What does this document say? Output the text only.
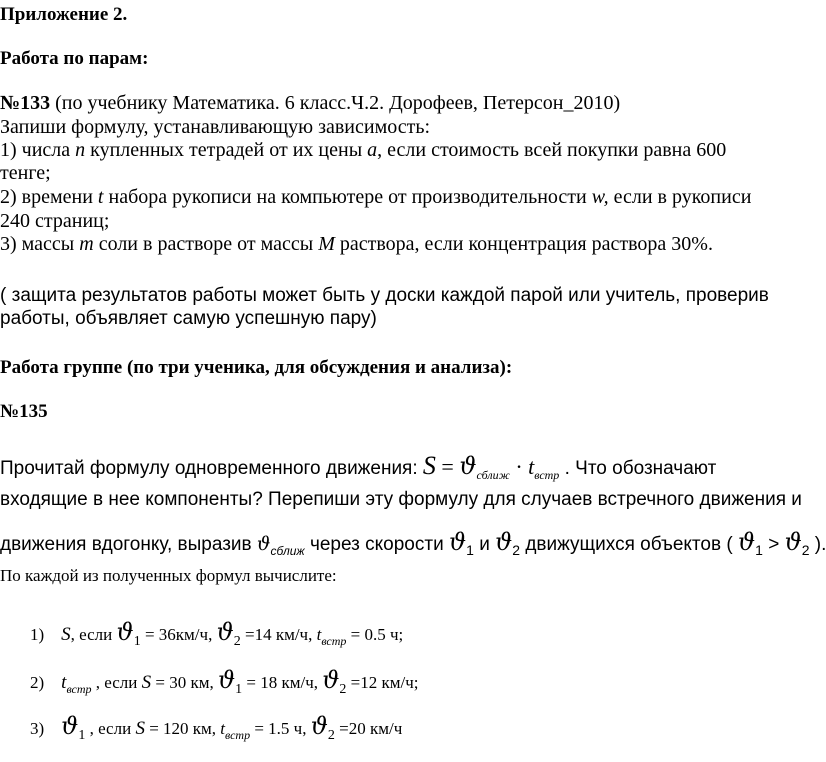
Приложение 2.
Работа по парам:
№133 (по учебнику Математика. 6 класс.Ч.2. Дорофеев, Петерсон_2010)
Запиши формулу, устанавливающую зависимость:
1) числа n купленных тетрадей от их цены a, если стоимость всей покупки равна 600
тенге;
2) времени t набора рукописи на компьютере от производительности w, если в рукописи
240 страниц;
3) массы m соли в растворе от массы M раствора, если концентрация раствора 30%.
( защита результатов работы может быть у доски каждой парой или учитель, проверив
работы, объявляет самую успешную пару)
Работа группе (по три ученика, для обсуждения и анализа):
№135
Прочитай формулу одновременного движения: $S = ϑ_{сближ} \cdot t_{встр}$ . Что обозначают
входящие в нее компоненты? Перепиши эту формулу для случаев встречного движения и
движения вдогонку, выразив $ϑ_{сближ}$ через скорости $ϑ_1$ и $ϑ_2$ движущихся объектов ( $ϑ_1 > ϑ_2$ ).
По каждой из полученных формул вычислите:
1) S, если $ϑ_1 = 36км/ч$, $ϑ_2 =14$ км/ч, $t_{встр} = 0.5$ ч;
2) $t_{встр}$ , если S = 30 км, $ϑ_1 = 18$ км/ч, $ϑ_2 =12$ км/ч;
3) $ϑ_1$ , если S = 120 км, $t_{встр} = 1.5$ ч, $ϑ_2 =20$ км/ч
